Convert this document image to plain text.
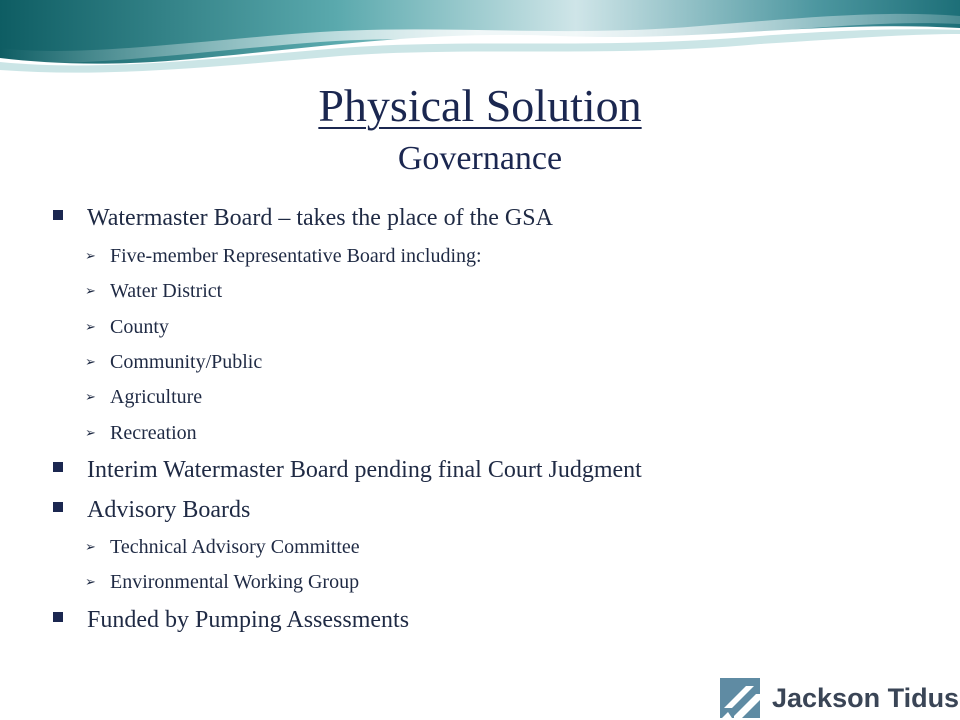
Physical Solution
Governance
Watermaster Board – takes the place of the GSA
➢ Five-member Representative Board including:
➢ Water District
➢ County
➢ Community/Public
➢ Agriculture
➢ Recreation
Interim Watermaster Board pending final Court Judgment
Advisory Boards
➢ Technical Advisory Committee
➢ Environmental Working Group
Funded by Pumping Assessments
Jackson Tidus
